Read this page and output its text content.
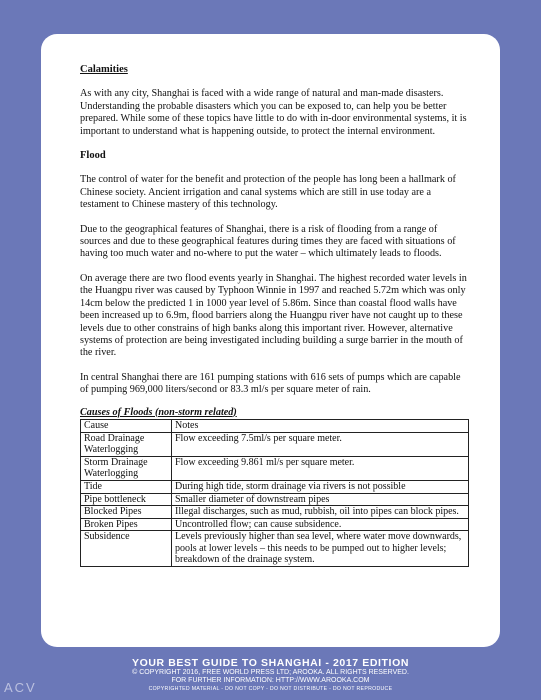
Calamities

As with any city, Shanghai is faced with a wide range of natural and man-made disasters. Understanding the probable disasters which you can be exposed to, can help you be better prepared. While some of these topics have little to do with in-door environmental systems, it is important to understand what is happening outside, to protect the internal environment.

Flood

The control of water for the benefit and protection of the people has long been a hallmark of Chinese society. Ancient irrigation and canal systems which are still in use today are a testament to Chinese mastery of this technology.

Due to the geographical features of Shanghai, there is a risk of flooding from a range of sources and due to these geographical features during times they are faced with situations of having too much water and no-where to put the water – which ultimately leads to floods.

On average there are two flood events yearly in Shanghai. The highest recorded water levels in the Huangpu river was caused by Typhoon Winnie in 1997 and reached 5.72m which was only 14cm below the predicted 1 in 1000 year level of 5.86m. Since than coastal flood walls have been increased up to 6.9m, flood barriers along the Huangpu river have not caught up to these levels due to other constrains of high banks along this important river. However, alternative systems of protection are being investigated including building a surge barrier in the mouth of the river.

In central Shanghai there are 161 pumping stations with 616 sets of pumps which are capable of pumping 969,000 liters/second or 83.3 ml/s per square meter of rain.

Causes of Floods (non-storm related)
Cause	Notes
Road Drainage Waterlogging	Flow exceeding 7.5ml/s per square meter.
Storm Drainage Waterlogging	Flow exceeding 9.861 ml/s per square meter.
Tide	During high tide, storm drainage via rivers is not possible
Pipe bottleneck	Smaller diameter of downstream pipes
Blocked Pipes	Illegal discharges, such as mud, rubbish, oil into pipes can block pipes.
Broken Pipes	Uncontrolled flow; can cause subsidence.
Subsidence	Levels previously higher than sea level, where water move downwards, pools at lower levels – this needs to be pumped out to higher levels; breakdown of the drainage system.
YOUR BEST GUIDE TO SHANGHAI - 2017 EDITION
© COPYRIGHT 2016, FREE WORLD PRESS LTD; AROOKA. ALL RIGHTS RESERVED.
FOR FURTHER INFORMATION: HTTP://WWW.AROOKA.COM
COPYRIGHTED MATERIAL - DO NOT COPY - DO NOT DISTRIBUTE - DO NOT REPRODUCE
ACV
